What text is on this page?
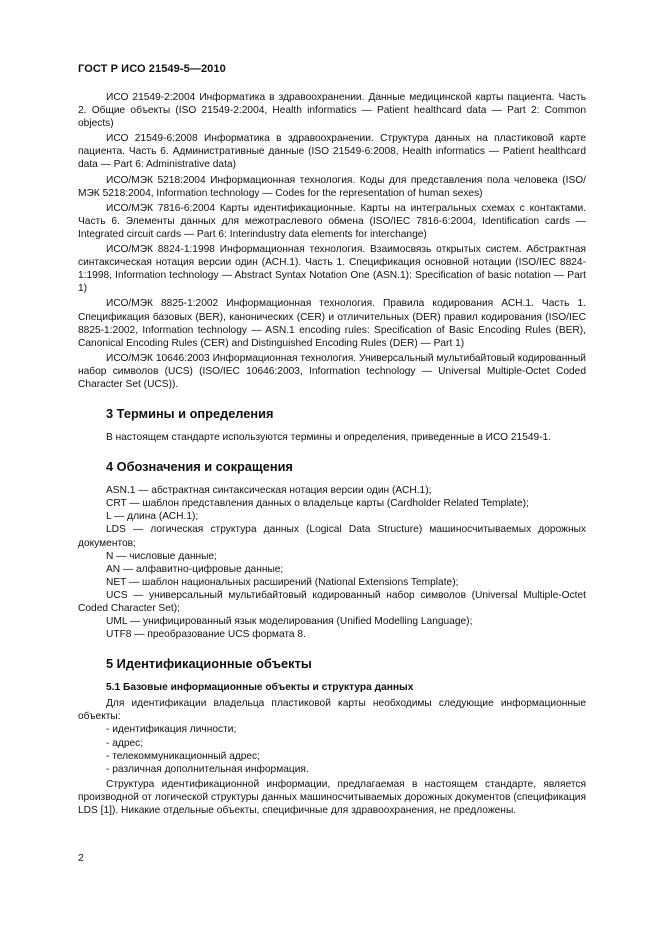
ГОСТ Р ИСО 21549-5—2010

ИСО 21549-2:2004 Информатика в здравоохранении. Данные медицинской карты пациента. Часть 2. Общие объекты (ISO 21549-2:2004, Health informatics — Patient healthcard data — Part 2: Common objects)

ИСО 21549-6:2008 Информатика в здравоохранении. Структура данных на пластиковой карте пациента. Часть 6. Административные данные (ISO 21549-6:2008, Health informatics — Patient healthcard data — Part 6: Administrative data)

ИСО/МЭК 5218:2004 Информационная технология. Коды для представления пола человека (ISO/МЭК 5218:2004, Information technology — Codes for the representation of human sexes)

ИСО/МЭК 7816-6:2004 Карты идентификационные. Карты на интегральных схемах с контактами. Часть 6. Элементы данных для межотраслевого обмена (ISO/IEC 7816-6:2004, Identification cards — Integrated circuit cards — Part 6: Interindustry data elements for interchange)

ИСО/МЭК 8824-1:1998 Информационная технология. Взаимосвязь открытых систем. Абстрактная синтаксическая нотация версии один (АСН.1). Часть 1. Спецификация основной нотации (ISO/IEC 8824-1:1998, Information technology — Abstract Syntax Notation One (ASN.1): Specification of basic notation — Part 1)

ИСО/МЭК 8825-1:2002 Информационная технология. Правила кодирования АСН.1. Часть 1. Спецификация базовых (BER), канонических (CER) и отличительных (DER) правил кодирования (ISO/IEC 8825-1:2002, Information technology — ASN.1 encoding rules: Specification of Basic Encoding Rules (BER), Canonical Encoding Rules (CER) and Distinguished Encoding Rules (DER) — Part 1)

ИСО/МЭК 10646:2003 Информационная технология. Универсальный мультибайтовый кодированный набор символов (UCS) (ISO/IEC 10646:2003, Information technology — Universal Multiple-Octet Coded Character Set (UCS)).

3 Термины и определения

В настоящем стандарте используются термины и определения, приведенные в ИСО 21549-1.

4 Обозначения и сокращения

ASN.1 — абстрактная синтаксическая нотация версии один (АСН.1);

CRT — шаблон представления данных о владельце карты (Cardholder Related Template);

L — длина (АСН.1);

LDS — логическая структура данных (Logical Data Structure) машиносчитываемых дорожных документов;

N — числовые данные;

AN — алфавитно-цифровые данные;

NET — шаблон национальных расширений (National Extensions Template);

UCS — универсальный мультибайтовый кодированный набор символов (Universal Multiple-Octet Coded Character Set);

UML — унифицированный язык моделирования (Unified Modelling Language);

UTF8 — преобразование UCS формата 8.

5 Идентификационные объекты
5.1 Базовые информационные объекты и структура данных

Для идентификации владельца пластиковой карты необходимы следующие информационные объекты:

- идентификация личности;

- адрес;

- телекоммуникационный адрес;

- различная дополнительная информация.

Структура идентификационной информации, предлагаемая в настоящем стандарте, является производной от логической структуры данных машиносчитываемых дорожных документов (спецификация LDS [1]). Никакие отдельные объекты, специфичные для здравоохранения, не предложены.

2
